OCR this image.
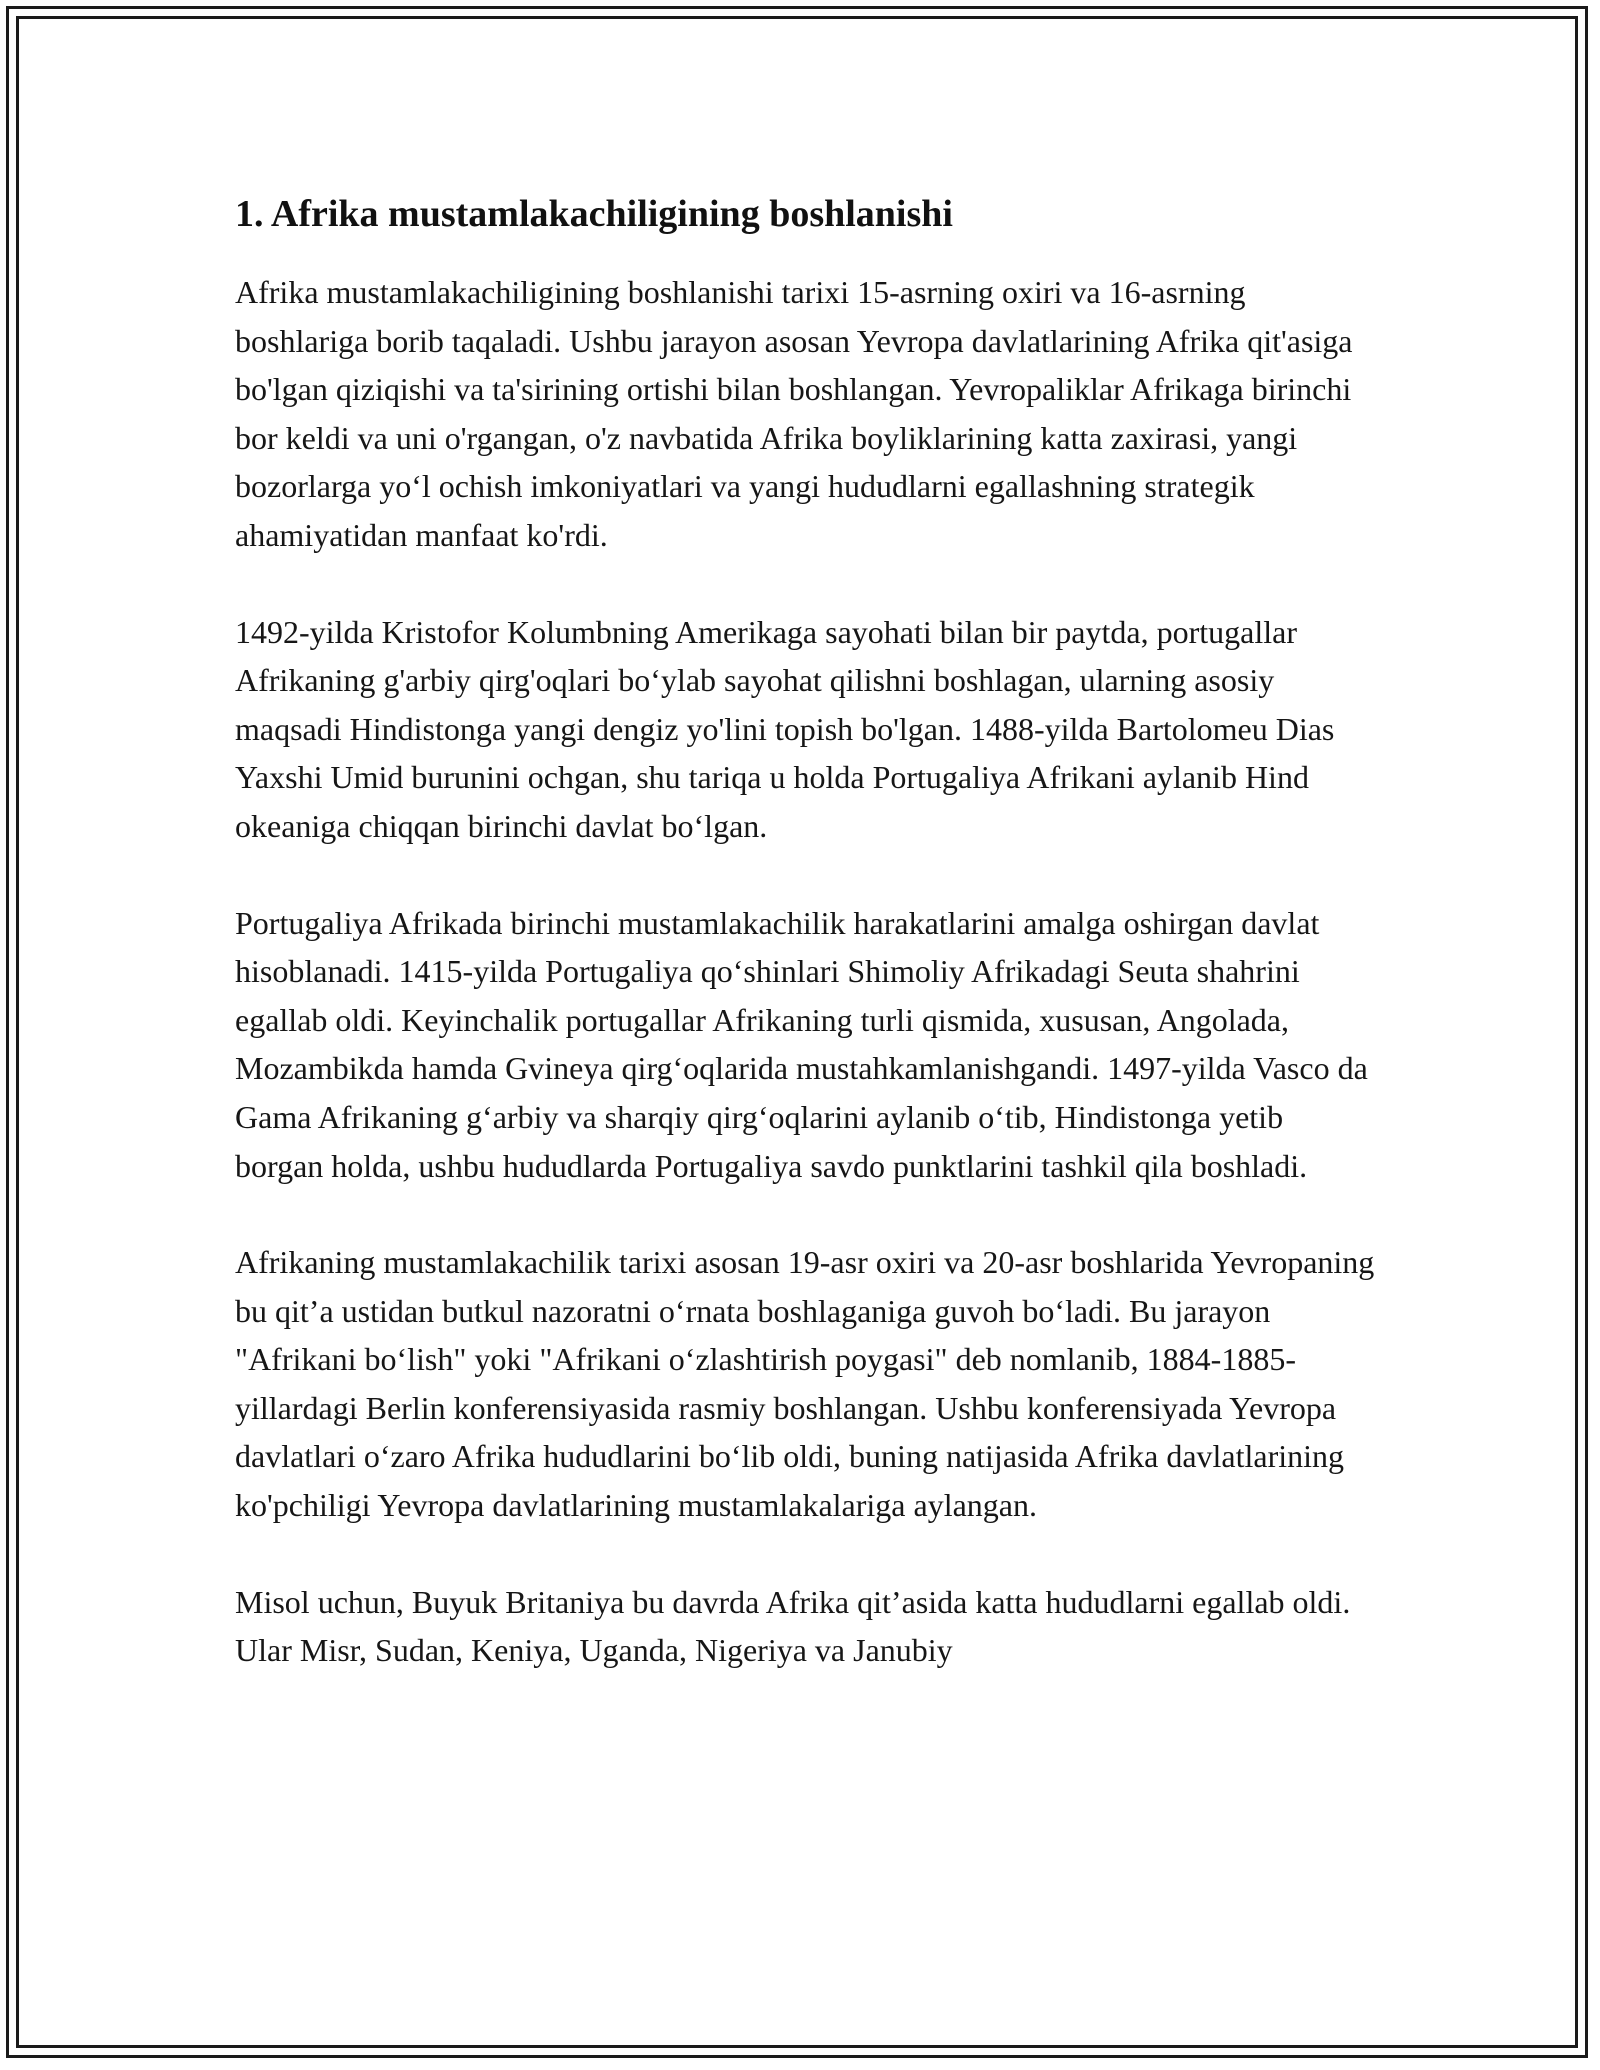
1. Afrika mustamlakachiligining boshlanishi

Afrika mustamlakachiligining boshlanishi tarixi 15-asrning oxiri va 16-asrning boshlariga borib taqaladi. Ushbu jarayon asosan Yevropa davlatlarining Afrika qit'asiga bo'lgan qiziqishi va ta'sirining ortishi bilan boshlangan. Yevropaliklar Afrikaga birinchi bor keldi va uni o'rgangan, o'z navbatida Afrika boyliklarining katta zaxirasi, yangi bozorlarga yo‘l ochish imkoniyatlari va yangi hududlarni egallashning strategik ahamiyatidan manfaat ko'rdi.

1492-yilda Kristofor Kolumbning Amerikaga sayohati bilan bir paytda, portugallar Afrikaning g'arbiy qirg'oqlari bo‘ylab sayohat qilishni boshlagan, ularning asosiy maqsadi Hindistonga yangi dengiz yo'lini topish bo'lgan. 1488-yilda Bartolomeu Dias Yaxshi Umid burunini ochgan, shu tariqa u holda Portugaliya Afrikani aylanib Hind okeaniga chiqqan birinchi davlat bo‘lgan.

Portugaliya Afrikada birinchi mustamlakachilik harakatlarini amalga oshirgan davlat hisoblanadi. 1415-yilda Portugaliya qo‘shinlari Shimoliy Afrikadagi Seuta shahrini egallab oldi. Keyinchalik portugallar Afrikaning turli qismida, xususan, Angolada, Mozambikda hamda Gvineya qirg‘oqlarida mustahkamlanishgandi. 1497-yilda Vasco da Gama Afrikaning g‘arbiy va sharqiy qirg‘oqlarini aylanib o‘tib, Hindistonga yetib borgan holda, ushbu hududlarda Portugaliya savdo punktlarini tashkil qila boshladi.

Afrikaning mustamlakachilik tarixi asosan 19-asr oxiri va 20-asr boshlarida Yevropaning bu qit’a ustidan butkul nazoratni o‘rnata boshlaganiga guvoh bo‘ladi. Bu jarayon "Afrikani bo‘lish" yoki "Afrikani o‘zlashtirish poygasi" deb nomlanib, 1884-1885-yillardagi Berlin konferensiyasida rasmiy boshlangan. Ushbu konferensiyada Yevropa davlatlari o‘zaro Afrika hududlarini bo‘lib oldi, buning natijasida Afrika davlatlarining ko'pchiligi Yevropa davlatlarining mustamlakalariga aylangan.

Misol uchun, Buyuk Britaniya bu davrda Afrika qit’asida katta hududlarni egallab oldi. Ular Misr, Sudan, Keniya, Uganda, Nigeriya va Janubiy
